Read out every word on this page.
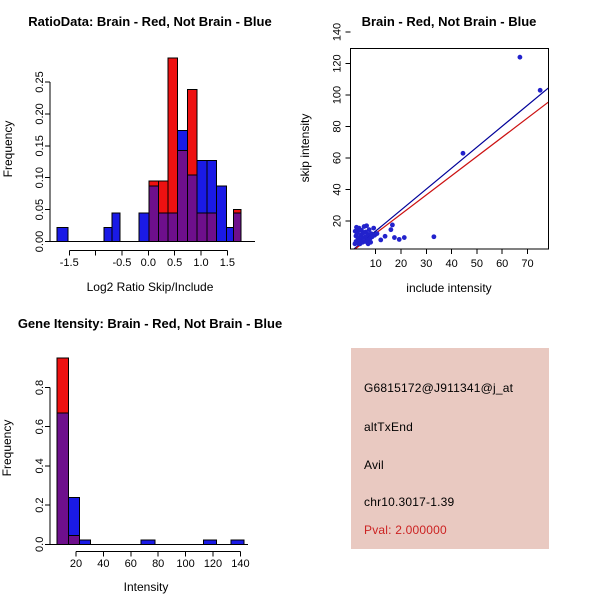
-1.5	-0.5 0.0 0.5 1.0 1.5
0.00
0.05
0.10
0.15
0.20
0.25
RatioData: Brain - Red, Not Brain - Blue
Log2 Ratio Skip/Include
Frequency
10 20 30 40 50 60 70
20
40
60
80
100
120
140
Brain - Red, Not Brain - Blue
include intensity
skip intensity
20 40 60 80 100 120 140
0.0
0.2
0.4
0.6
0.8
Gene Itensity: Brain - Red, Not Brain - Blue
Intensity
Frequency
G6815172@J911341@j_at
altTxEnd
Avil
chr10.3017-1.39
Pval: 2.000000
